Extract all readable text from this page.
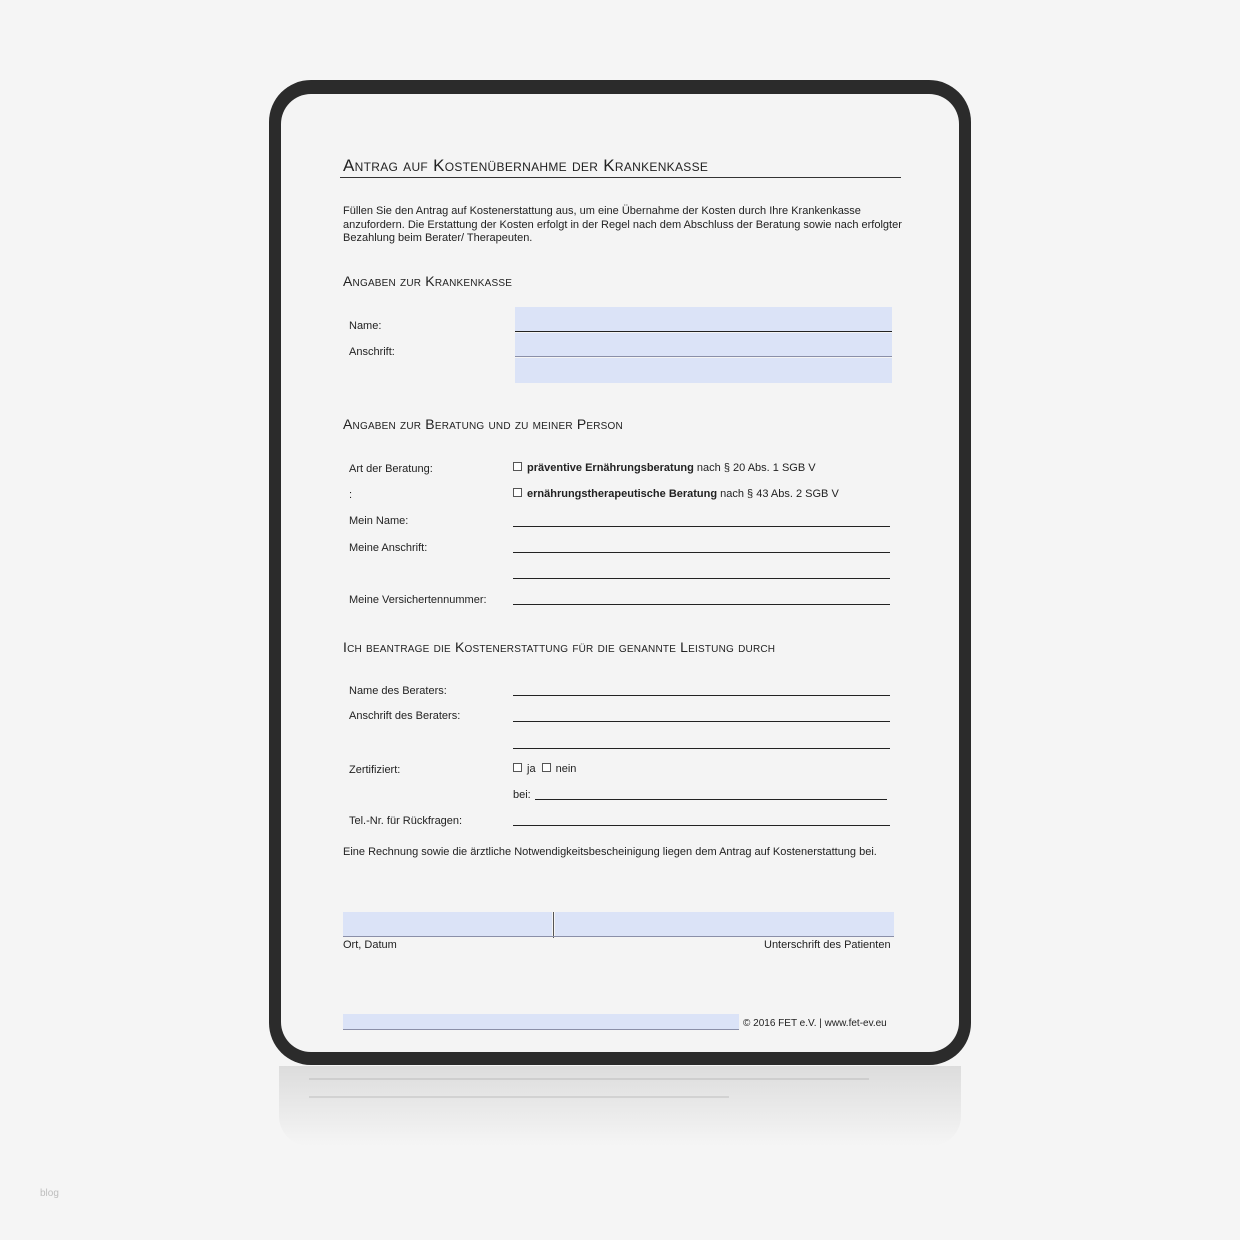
Antrag auf Kostenübernahme der Krankenkasse
Füllen Sie den Antrag auf Kostenerstattung aus, um eine Übernahme der Kosten durch Ihre Krankenkasse anzufordern. Die Erstattung der Kosten erfolgt in der Regel nach dem Abschluss der Beratung sowie nach erfolgter Bezahlung beim Berater/ Therapeuten.
Angaben zur Krankenkasse
Name:
Anschrift:
Angaben zur Beratung und zu meiner Person
Art der Beratung:
:
präventive Ernährungsberatung nach § 20 Abs. 1 SGB V
ernährungstherapeutische Beratung nach § 43 Abs. 2 SGB V
Mein Name:
Meine Anschrift:
Meine Versichertennummer:
Ich beantrage die Kostenerstattung für die genannte Leistung durch
Name des Beraters:
Anschrift des Beraters:
Zertifiziert:	ja nein
bei:
Tel.-Nr. für Rückfragen:
Eine Rechnung sowie die ärztliche Notwendigkeitsbescheinigung liegen dem Antrag auf Kostenerstattung bei.
Ort, Datum	Unterschrift des Patienten
© 2016 FET e.V. | www.fet-ev.eu
blog
